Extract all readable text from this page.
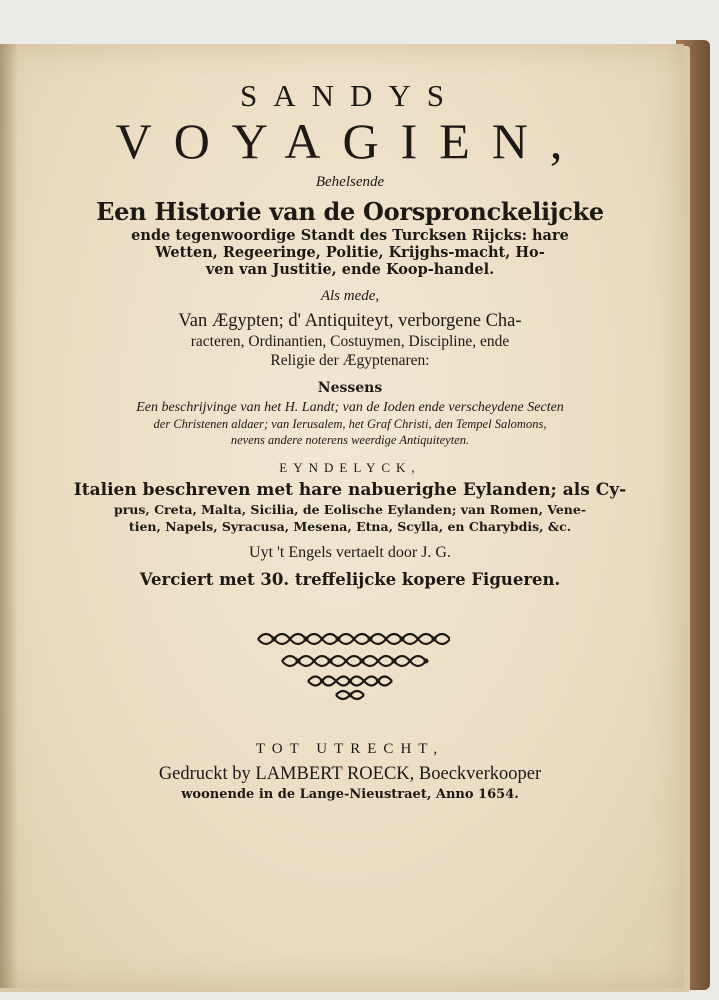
SANDYS
VOYAGIEN,
Behelsende
Een Historie van de Oorspronckelijcke
ende tegenwoordige Standt des Turcksen Rijcks: hare
Wetten, Regeeringe, Politie, Krijghs-macht, Ho-
ven van Justitie, ende Koop-handel.
Als mede,
Van Ægypten; d' Antiquiteyt, verborgene Cha-
racteren, Ordinantien, Costuymen, Discipline, ende
Religie der Ægyptenaren:
Nessens
Een beschrijvinge van het H. Landt; van de Ioden ende verscheydene Secten
der Christenen aldaer; van Ierusalem, het Graf Christi, den Tempel Salomons,
nevens andere noterens weerdige Antiquiteyten.
EYNDELYCK,
Italien beschreven met hare nabuerighe Eylanden; als Cy-
prus, Creta, Malta, Sicilia, de Eolische Eylanden; van Romen, Vene-
tien, Napels, Syracusa, Mesena, Etna, Scylla, en Charybdis, &c.
Uyt 't Engels vertaelt door J. G.
Verciert met 30. treffelijcke kopere Figueren.
TOT UTRECHT,
Gedruckt by LAMBERT ROECK, Boeckverkooper
woonende in de Lange-Nieustraet, Anno 1654.
